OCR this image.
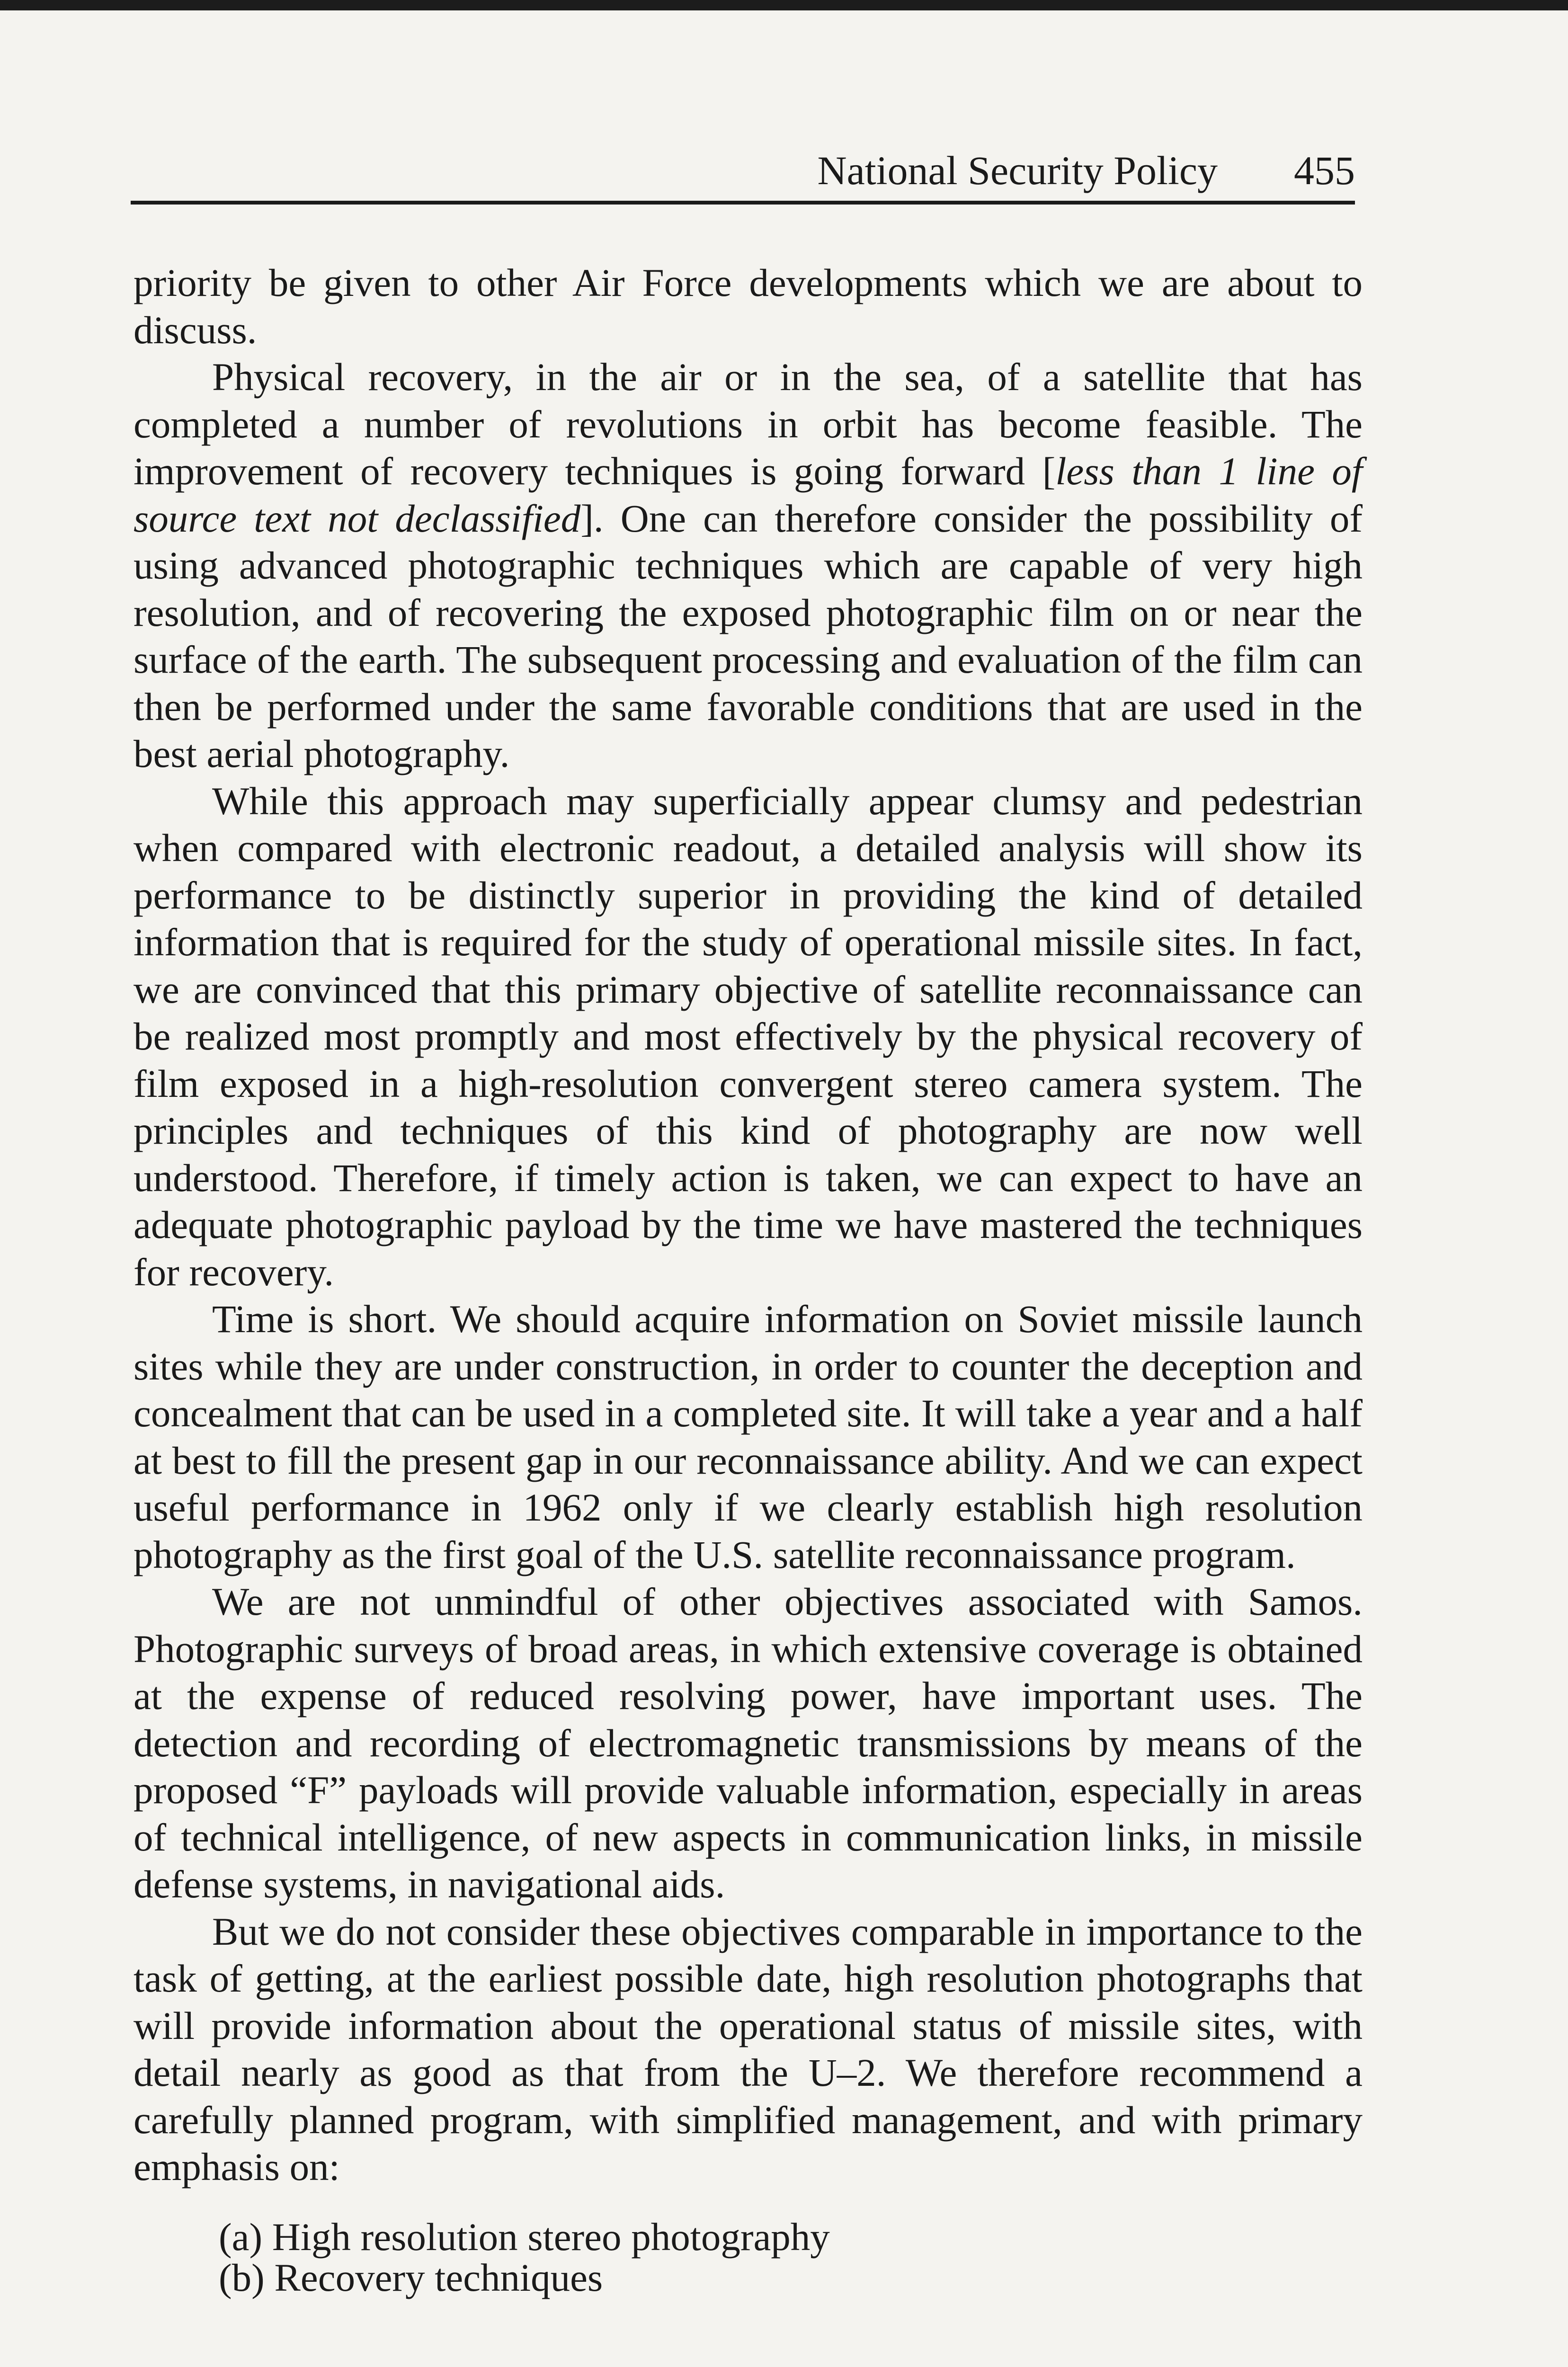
National Security Policy 455

priority be given to other Air Force developments which we are about to discuss.

Physical recovery, in the air or in the sea, of a satellite that has completed a number of revolutions in orbit has become feasible. The improvement of recovery techniques is going forward [less than 1 line of source text not declassified]. One can therefore consider the possibility of using advanced photographic techniques which are capable of very high resolution, and of recovering the exposed photographic film on or near the surface of the earth. The subsequent processing and evaluation of the film can then be performed under the same favorable conditions that are used in the best aerial photography.

While this approach may superficially appear clumsy and pedestrian when compared with electronic readout, a detailed analysis will show its performance to be distinctly superior in providing the kind of detailed information that is required for the study of operational missile sites. In fact, we are convinced that this primary objective of satellite reconnaissance can be realized most promptly and most effectively by the physical recovery of film exposed in a high-resolution convergent stereo camera system. The principles and techniques of this kind of photography are now well understood. Therefore, if timely action is taken, we can expect to have an adequate photographic payload by the time we have mastered the techniques for recovery.

Time is short. We should acquire information on Soviet missile launch sites while they are under construction, in order to counter the deception and concealment that can be used in a completed site. It will take a year and a half at best to fill the present gap in our reconnaissance ability. And we can expect useful performance in 1962 only if we clearly establish high resolution photography as the first goal of the U.S. satellite reconnaissance program.

We are not unmindful of other objectives associated with Samos. Photographic surveys of broad areas, in which extensive coverage is obtained at the expense of reduced resolving power, have important uses. The detection and recording of electromagnetic transmissions by means of the proposed “F” payloads will provide valuable information, especially in areas of technical intelligence, of new aspects in communication links, in missile defense systems, in navigational aids.

But we do not consider these objectives comparable in importance to the task of getting, at the earliest possible date, high resolution photographs that will provide information about the operational status of missile sites, with detail nearly as good as that from the U–2. We therefore recommend a carefully planned program, with simplified management, and with primary emphasis on:

(a) High resolution stereo photography
(b) Recovery techniques
